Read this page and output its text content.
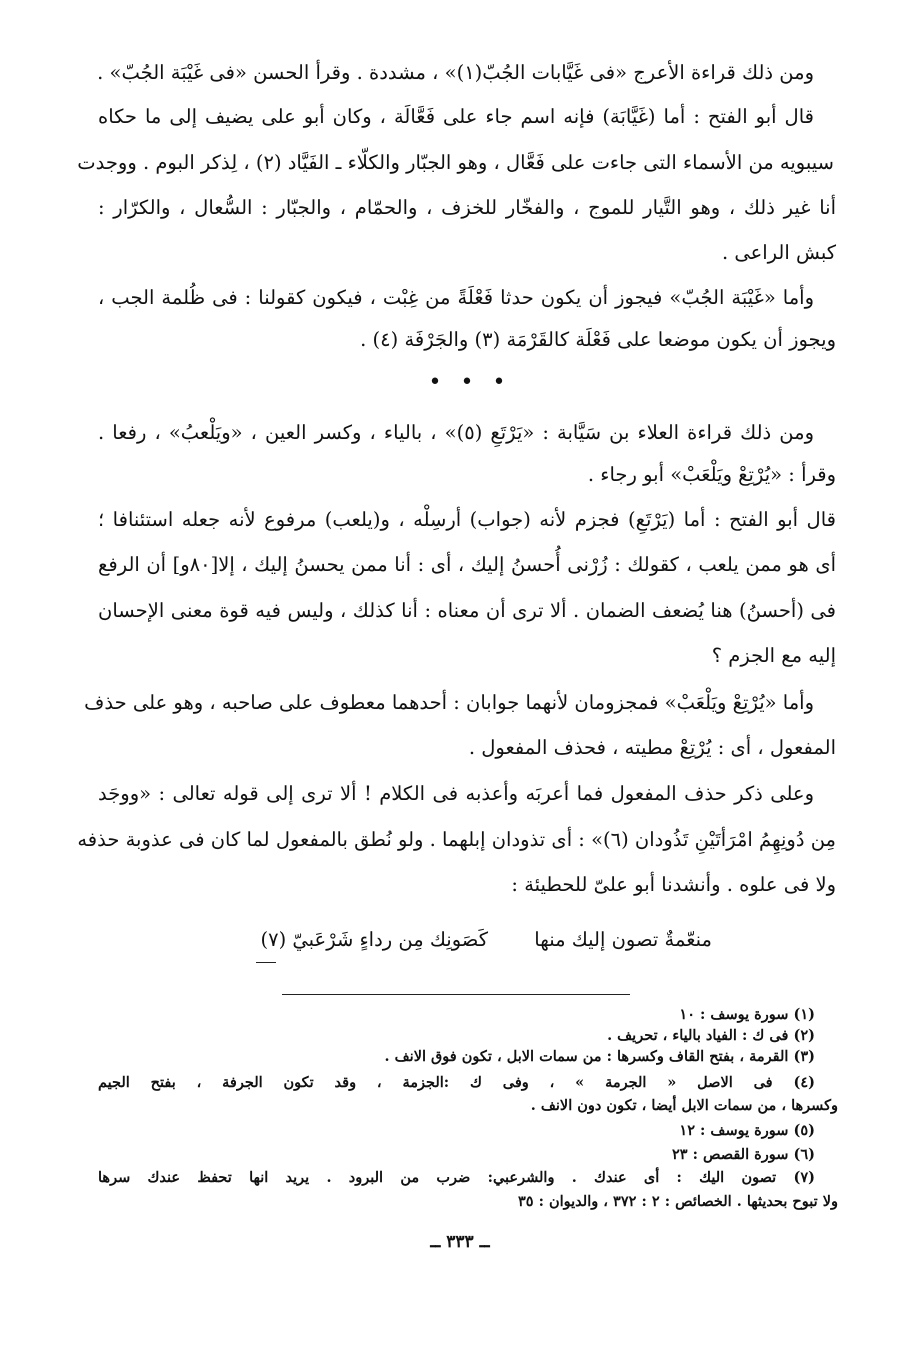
ومن ذلك قراءة الأعرج «فى غَيَّابات الجُبّ(١)» ، مشددة . وقرأ الحسن «فى غَيْبَة الجُبّ» .
قال أبو الفتح : أما (غَيَّابَة) فإنه اسم جاء على فَعَّالَة ، وكان أبو على يضيف إلى ما حكاه
سيبويه من الأسماء التى جاءت على فَعَّال ، وهو الجبّار والكلّاء ـ الفَيَّاد (٢) ، لِذكر البوم . ووجدت
أنا غير ذلك ، وهو التَّيار للموج ، والفخّار للخزف ، والحمّام ، والجبّار : السُّعال ، والكرّار :
كبش الراعى .
وأما «غَيْبَة الجُبّ» فيجوز أن يكون حدثا فَعْلَةً من غِبْت ، فيكون كقولنا : فى ظُلمة الجب ،
ويجوز أن يكون موضعا على فَعْلَة كالقَرْمَة (٣) والجَرْفَة (٤) .
• • •
ومن ذلك قراءة العلاء بن سَيَّابة : «يَرْتَعِ (٥)» ، بالياء ، وكسر العين ، «ويَلْعبُ» ، رفعا .
وقرأ : «يُرْتِعْ ويَلْعَبْ» أبو رجاء .
قال أبو الفتح : أما (يَرْتَعِ) فجزم لأنه (جواب) أرسِلْه ، و(يلعب) مرفوع لأنه جعله استئنافا ؛
أى هو ممن يلعب ، كقولك : زُرْنى أُحسنُ إليك ، أى : أنا ممن يحسنُ إليك ، إلا[٨٠و] أن الرفع
فى (أحسنُ) هنا يُضعف الضمان . ألا ترى أن معناه : أنا كذلك ، وليس فيه قوة معنى الإحسان
إليه مع الجزم ؟
وأما «يُرْتِعْ ويَلْعَبْ» فمجزومان لأنهما جوابان : أحدهما معطوف على صاحبه ، وهو على حذف
المفعول ، أى : يُرْتِعْ مطيته ، فحذف المفعول .
وعلى ذكر حذف المفعول فما أعربَه وأعذبه فى الكلام ! ألا ترى إلى قوله تعالى : «ووجَد
مِن دُونِهِمُ امْرَأتَيْنِ تَذُودان (٦)» : أى تذودان إبلهما . ولو نُطق بالمفعول لما كان فى عذوبة حذفه
ولا فى علوه . وأنشدنا أبو علىّ للحطيئة :
منعّمةٌ تصون إليك منها
كَصَونِك مِن رداءٍ شَرْعَبيّ (٧)
(١) سورة يوسف : ١٠
(٢) فى ك : الفياد بالياء ، تحريف .
(٣) القرمة ، بفتح القاف وكسرها : من سمات الابل ، تكون فوق الانف .
(٤) فى الاصل « الجرمة » ، وفى ك :الجزمة ، وقد تكون الجرفة ، بفتح الجيم
وكسرها ، من سمات الابل أيضا ، تكون دون الانف .
(٥) سورة يوسف : ١٢
(٦) سورة القصص : ٢٣
(٧) تصون اليك : أى عندك . والشرعبي: ضرب من البرود . يريد انها تحفظ عندك سرها
ولا تبوح بحديثها . الخصائص : ٢ : ٣٧٢ ، والديوان : ٣٥
ــ ٣٣٣ ــ
